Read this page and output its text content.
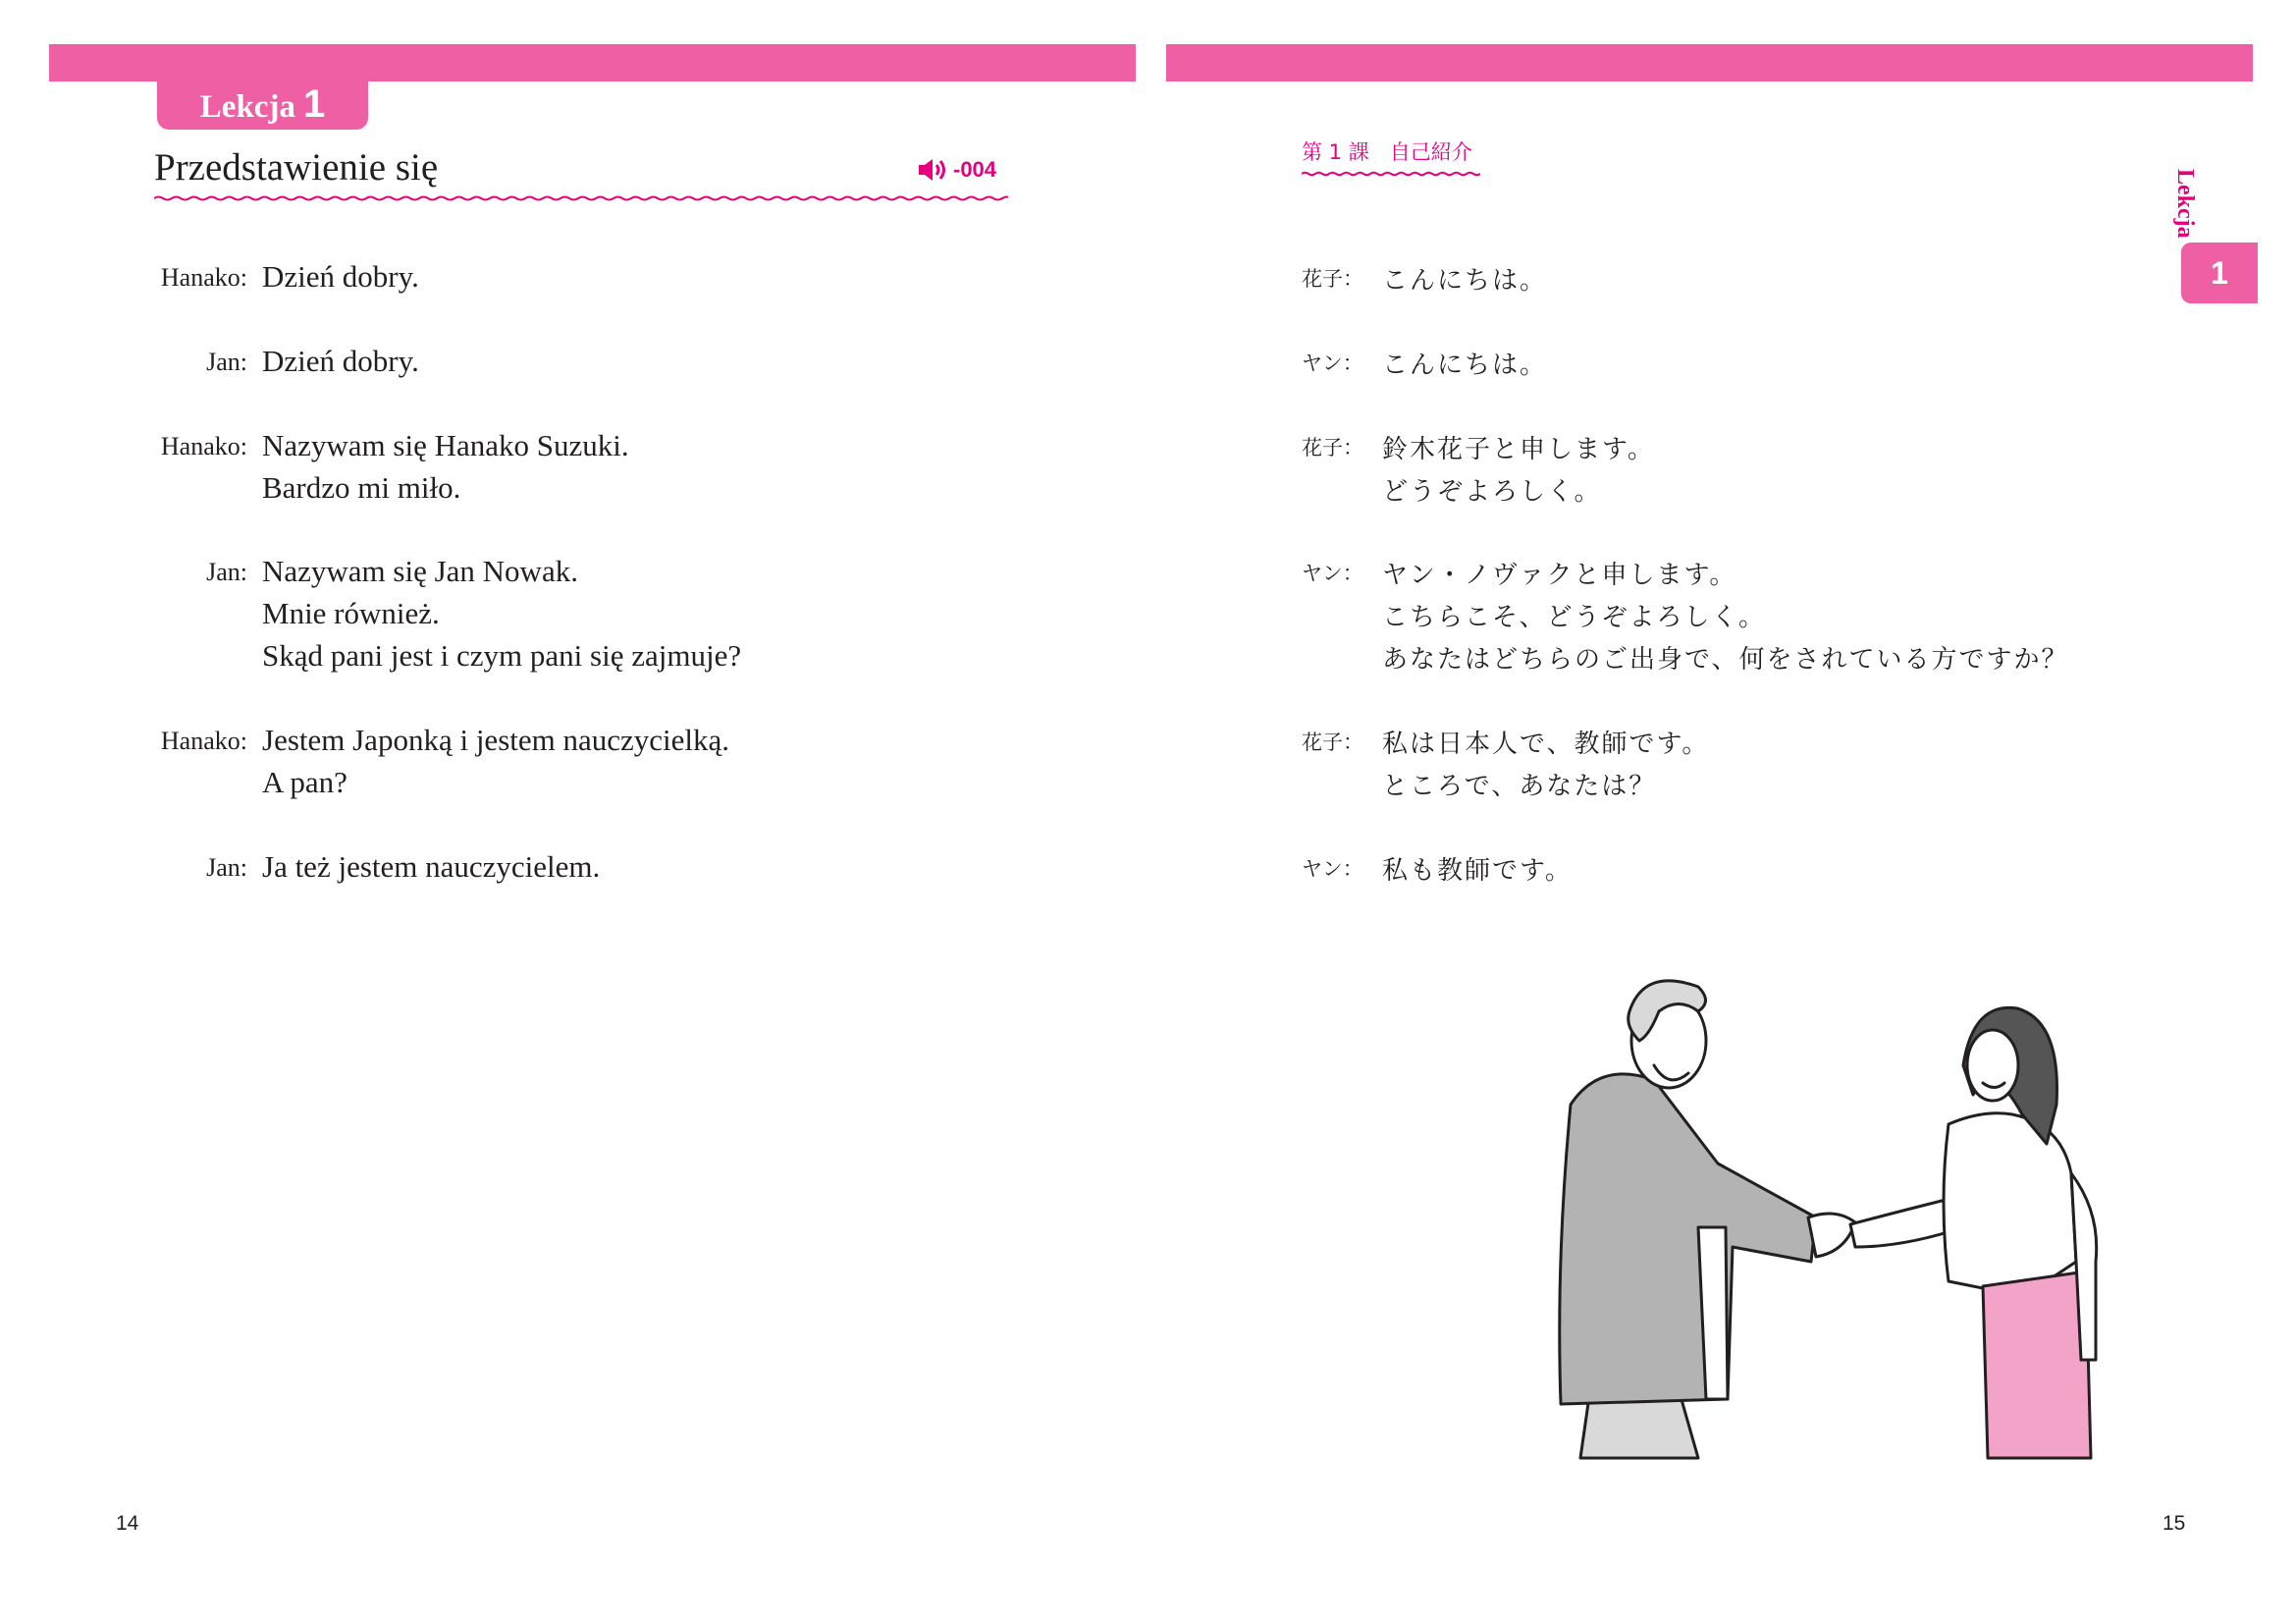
Lekcja 1
Przedstawienie się	-004
Hanako: Dzień dobry.
Jan: Dzień dobry.
Hanako: Nazywam się Hanako Suzuki.
Bardzo mi miło.
Jan: Nazywam się Jan Nowak.
Mnie również.
Skąd pani jest i czym pani się zajmuje?
Hanako: Jestem Japonką i jestem nauczycielką.
A pan?
Jan: Ja też jestem nauczycielem.
14
第 1 課　自己紹介
Lekcja
1
花子： こんにちは。
ヤン： こんにちは。
花子： 鈴木花子と申します。
どうぞよろしく。
ヤン： ヤン・ノヴァクと申します。
こちらこそ、どうぞよろしく。
あなたはどちらのご出身で、何をされている方ですか？
花子： 私は日本人で、教師です。
ところで、あなたは？
ヤン： 私も教師です。
15
